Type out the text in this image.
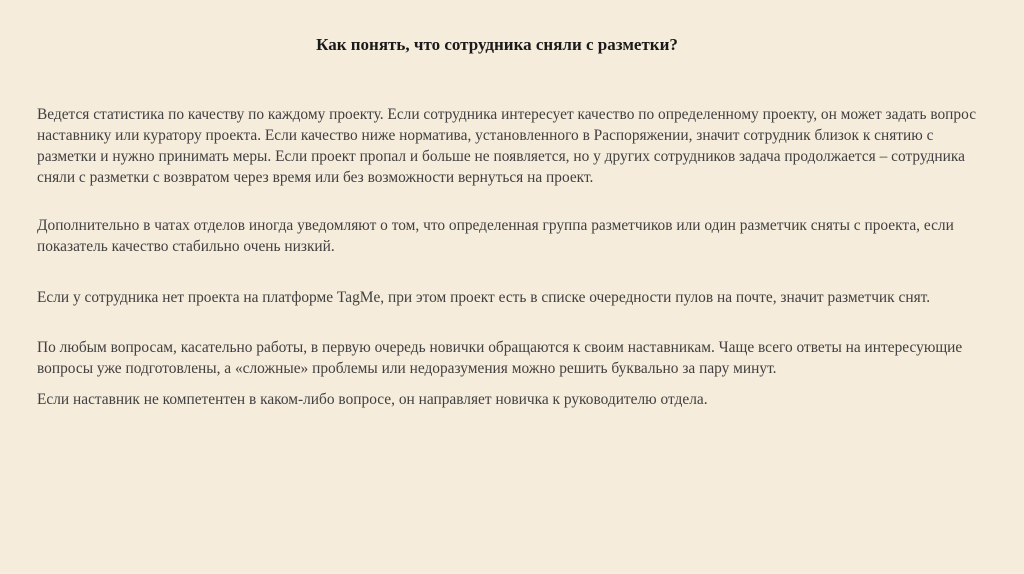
Как понять, что сотрудника сняли с разметки?

Ведется статистика по качеству по каждому проекту. Если сотрудника интересует качество по определенному проекту, он может задать вопрос наставнику или куратору проекта. Если качество ниже норматива, установленного в Распоряжении, значит сотрудник близок к снятию с разметки и нужно принимать меры. Если проект пропал и больше не появляется, но у других сотрудников задача продолжается – сотрудника сняли с разметки с возвратом через время или без возможности вернуться на проект.

Дополнительно в чатах отделов иногда уведомляют о том, что определенная группа разметчиков или один разметчик сняты с проекта, если показатель качество стабильно очень низкий.

Если у сотрудника нет проекта на платформе TagMe, при этом проект есть в списке очередности пулов на почте, значит разметчик снят.

По любым вопросам, касательно работы, в первую очередь новички обращаются к своим наставникам. Чаще всего ответы на интересующие вопросы уже подготовлены, а «сложные» проблемы или недоразумения можно решить буквально за пару минут.

Если наставник не компетентен в каком-либо вопросе, он направляет новичка к руководителю отдела.
